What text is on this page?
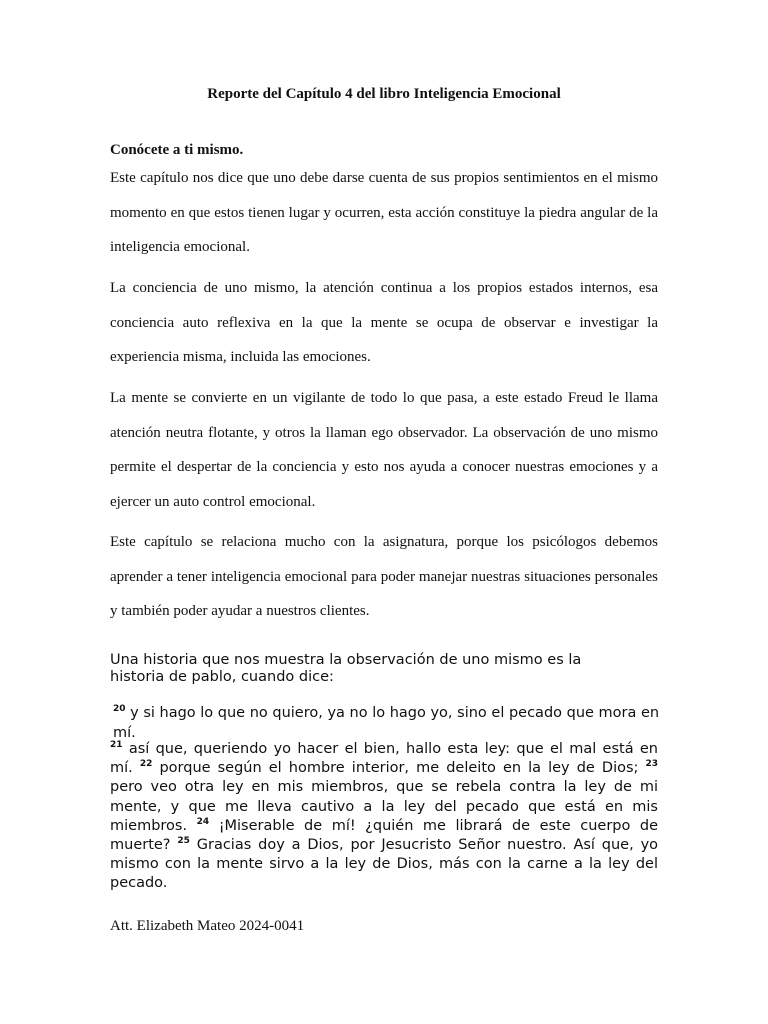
Reporte del Capítulo 4 del libro Inteligencia Emocional
Conócete a ti mismo.

Este capítulo nos dice que uno debe darse cuenta de sus propios sentimientos en el mismo momento en que estos tienen lugar y ocurren, esta acción constituye la piedra angular de la inteligencia emocional.

La conciencia de uno mismo, la atención continua a los propios estados internos, esa conciencia auto reflexiva en la que la mente se ocupa de observar e investigar la experiencia misma, incluida las emociones.

La mente se convierte en un vigilante de todo lo que pasa, a este estado Freud le llama atención neutra flotante, y otros la llaman ego observador. La observación de uno mismo permite el despertar de la conciencia y esto nos ayuda a conocer nuestras emociones y a ejercer un auto control emocional.

Este capítulo se relaciona mucho con la asignatura, porque los psicólogos debemos aprender a tener inteligencia emocional para poder manejar nuestras situaciones personales y también poder ayudar a nuestros clientes.

Una historia que nos muestra la observación de uno mismo es la historia de pablo, cuando dice:

$^{20}$ y si hago lo que no quiero, ya no lo hago yo, sino el pecado que mora en mí.

$^{21}$ así que, queriendo yo hacer el bien, hallo esta ley: que el mal está en mí. $^{22}$ porque según el hombre interior, me deleito en la ley de Dios; $^{23}$ pero veo otra ley en mis miembros, que se rebela contra la ley de mi mente, y que me lleva cautivo a la ley del pecado que está en mis miembros. $^{24}$ ¡Miserable de mí! ¿quién me librará de este cuerpo de muerte? $^{25}$ Gracias doy a Dios, por Jesucristo Señor nuestro. Así que, yo mismo con la mente sirvo a la ley de Dios, más con la carne a la ley del pecado.

Att. Elizabeth Mateo 2024-0041
